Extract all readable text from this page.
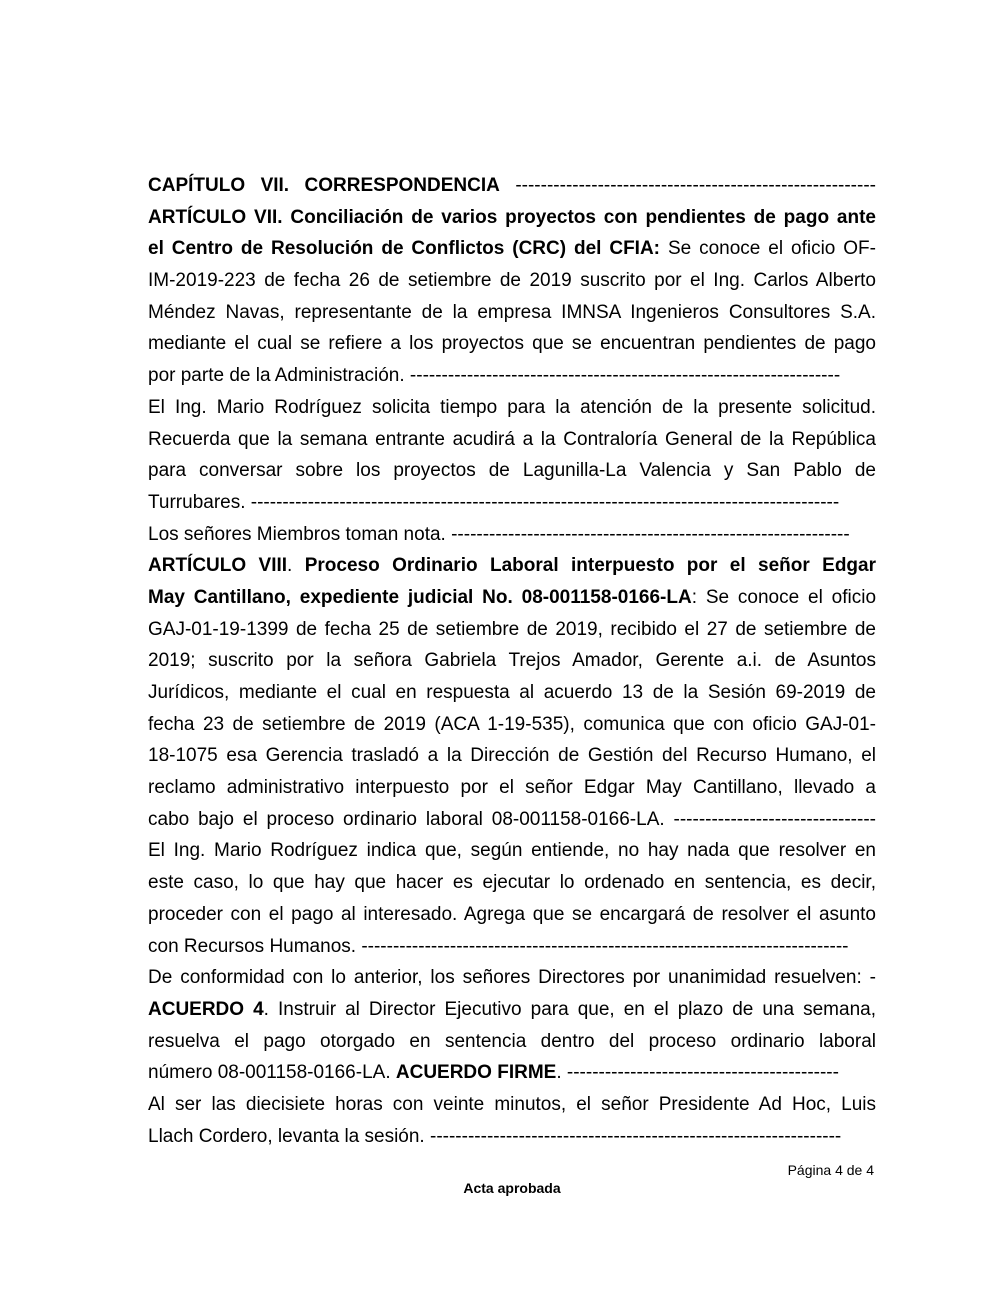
CAPÍTULO VII. CORRESPONDENCIA ---------------------------------------------------------
ARTÍCULO VII. Conciliación de varios proyectos con pendientes de pago ante
el Centro de Resolución de Conflictos (CRC) del CFIA: Se conoce el oficio OF-
IM-2019-223 de fecha 26 de setiembre de 2019 suscrito por el Ing. Carlos Alberto
Méndez Navas, representante de la empresa IMNSA Ingenieros Consultores S.A.
mediante el cual se refiere a los proyectos que se encuentran pendientes de pago
por parte de la Administración. --------------------------------------------------------------------
El Ing. Mario Rodríguez solicita tiempo para la atención de la presente solicitud.
Recuerda que la semana entrante acudirá a la Contraloría General de la República
para conversar sobre los proyectos de Lagunilla-La Valencia y San Pablo de
Turrubares. ---------------------------------------------------------------------------------------------
Los señores Miembros toman nota. ---------------------------------------------------------------
ARTÍCULO VIII. Proceso Ordinario Laboral interpuesto por el señor Edgar
May Cantillano, expediente judicial No. 08-001158-0166-LA: Se conoce el oficio
GAJ-01-19-1399 de fecha 25 de setiembre de 2019, recibido el 27 de setiembre de
2019; suscrito por la señora Gabriela Trejos Amador, Gerente a.i. de Asuntos
Jurídicos, mediante el cual en respuesta al acuerdo 13 de la Sesión 69-2019 de
fecha 23 de setiembre de 2019 (ACA 1-19-535), comunica que con oficio GAJ-01-
18-1075 esa Gerencia trasladó a la Dirección de Gestión del Recurso Humano, el
reclamo administrativo interpuesto por el señor Edgar May Cantillano, llevado a
cabo bajo el proceso ordinario laboral 08-001158-0166-LA. --------------------------------
El Ing. Mario Rodríguez indica que, según entiende, no hay nada que resolver en
este caso, lo que hay que hacer es ejecutar lo ordenado en sentencia, es decir,
proceder con el pago al interesado. Agrega que se encargará de resolver el asunto
con Recursos Humanos. -----------------------------------------------------------------------------
De conformidad con lo anterior, los señores Directores por unanimidad resuelven: -
ACUERDO 4. Instruir al Director Ejecutivo para que, en el plazo de una semana,
resuelva el pago otorgado en sentencia dentro del proceso ordinario laboral
número 08-001158-0166-LA. ACUERDO FIRME. -------------------------------------------
Al ser las diecisiete horas con veinte minutos, el señor Presidente Ad Hoc, Luis
Llach Cordero, levanta la sesión. -----------------------------------------------------------------
Página 4 de 4
Acta aprobada
